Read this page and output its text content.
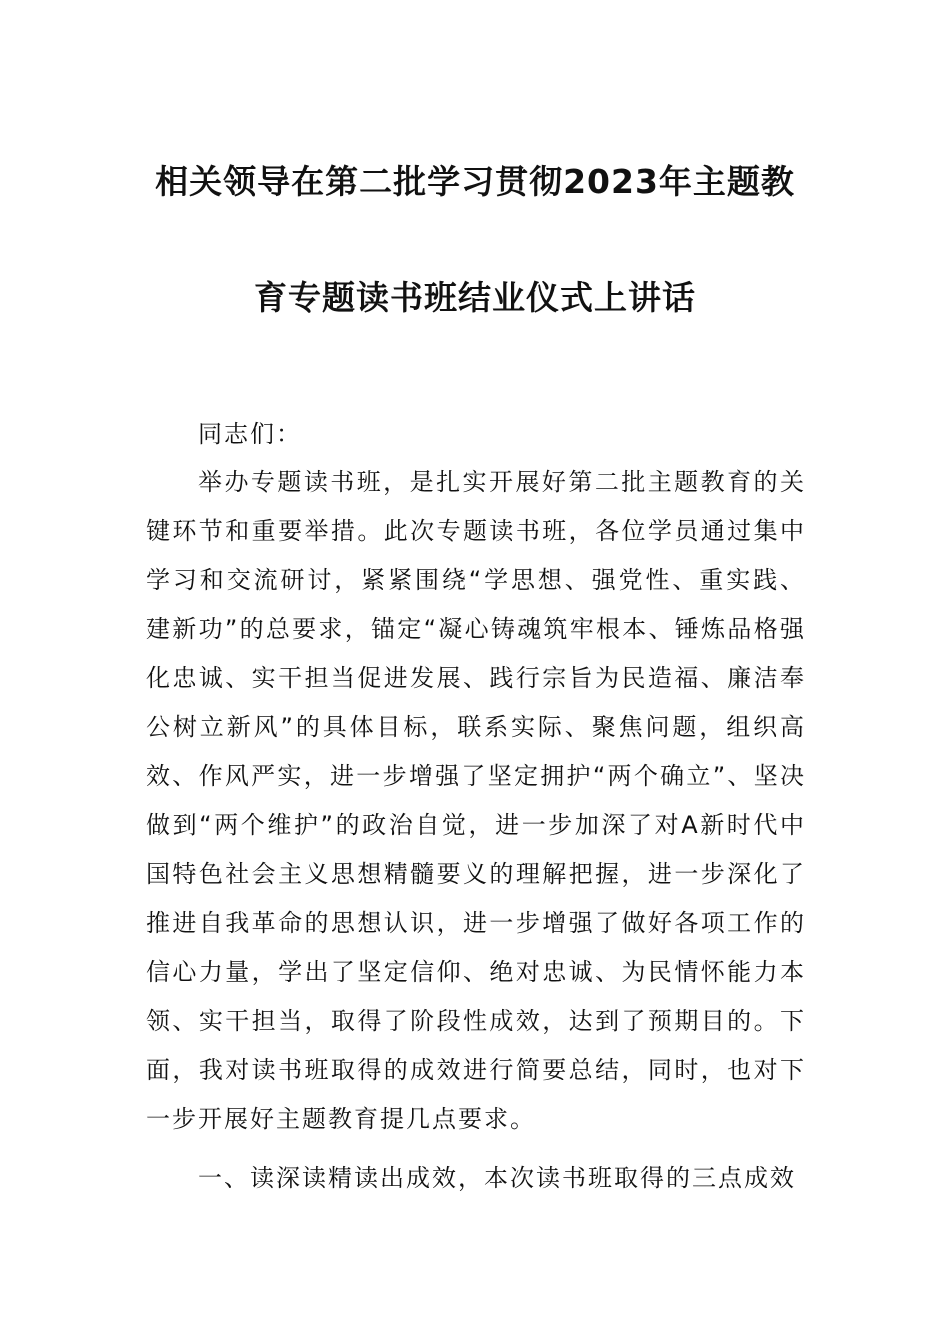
相关领导在第二批学习贯彻2023年主题教
育专题读书班结业仪式上讲话

同志们：

举办专题读书班，是扎实开展好第二批主题教育的关键环节和重要举措。此次专题读书班，各位学员通过集中学习和交流研讨，紧紧围绕“学思想、强党性、重实践、建新功”的总要求，锚定“凝心铸魂筑牢根本、锤炼品格强化忠诚、实干担当促进发展、践行宗旨为民造福、廉洁奉公树立新风”的具体目标，联系实际、聚焦问题，组织高效、作风严实，进一步增强了坚定拥护“两个确立”、坚决做到“两个维护”的政治自觉，进一步加深了对A新时代中国特色社会主义思想精髓要义的理解把握，进一步深化了推进自我革命的思想认识，进一步增强了做好各项工作的信心力量，学出了坚定信仰、绝对忠诚、为民情怀能力本领、实干担当，取得了阶段性成效，达到了预期目的。下面，我对读书班取得的成效进行简要总结，同时，也对下一步开展好主题教育提几点要求。

一、读深读精读出成效，本次读书班取得的三点成效
